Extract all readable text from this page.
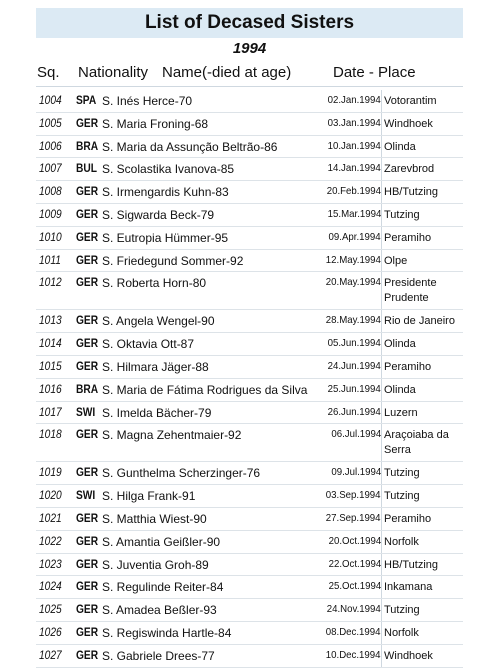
List of Decased Sisters
1994
Sq. Nationality Name(-died at age)	Date - Place
1004 SPA S. Inés Herce-70	02.Jan.1994 Votorantim
1005 GER S. Maria Froning-68	03.Jan.1994 Windhoek
1006 BRA S. Maria da Assunção Beltrão-86	10.Jan.1994 Olinda
1007 BUL S. Scolastika Ivanova-85	14.Jan.1994 Zarevbrod
1008 GER S. Irmengardis Kuhn-83	20.Feb.1994 HB/Tutzing
1009 GER S. Sigwarda Beck-79	15.Mar.1994 Tutzing
1010 GER S. Eutropia Hümmer-95	09.Apr.1994 Peramiho
1011 GER S. Friedegund Sommer-92	12.May.1994 Olpe
1012 GER S. Roberta Horn-80	20.May.1994 Presidente Prudente
1013 GER S. Angela Wengel-90	28.May.1994 Rio de Janeiro
1014 GER S. Oktavia Ott-87	05.Jun.1994 Olinda
1015 GER S. Hilmara Jäger-88	24.Jun.1994 Peramiho
1016 BRA S. Maria de Fátima Rodrigues da Silva 25.Jun.1994 Olinda
1017 SWI S. Imelda Bächer-79	26.Jun.1994 Luzern
1018 GER S. Magna Zehentmaier-92	06.Jul.1994 Araçoiaba da Serra
1019 GER S. Gunthelma Scherzinger-76	09.Jul.1994 Tutzing
1020 SWI S. Hilga Frank-91	03.Sep.1994 Tutzing
1021 GER S. Matthia Wiest-90	27.Sep.1994 Peramiho
1022 GER S. Amantia Geißler-90	20.Oct.1994 Norfolk
1023 GER S. Juventia Groh-89	22.Oct.1994 HB/Tutzing
1024 GER S. Regulinde Reiter-84	25.Oct.1994 Inkamana
1025 GER S. Amadea Beßler-93	24.Nov.1994 Tutzing
1026 GER S. Regiswinda Hartle-84	08.Dec.1994 Norfolk
1027 GER S. Gabriele Drees-77	10.Dec.1994 Windhoek
